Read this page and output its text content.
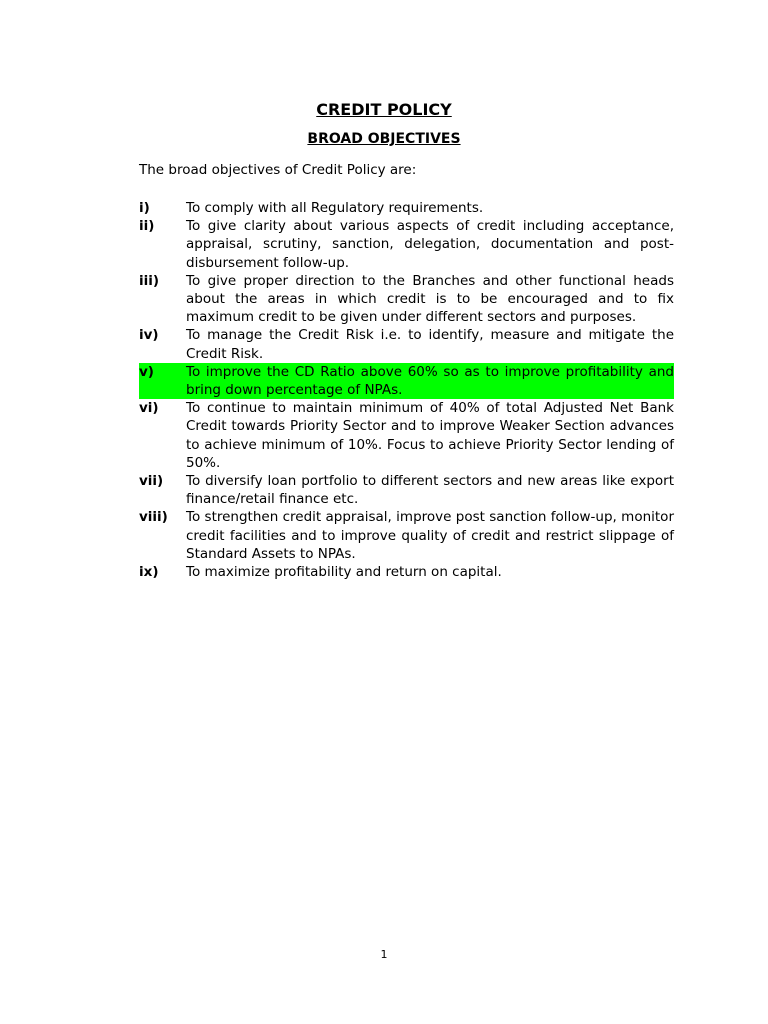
CREDIT POLICY
BROAD OBJECTIVES

The broad objectives of Credit Policy are:

i)	To comply with all Regulatory requirements.
ii)	To give clarity about various aspects of credit including acceptance, appraisal, scrutiny, sanction, delegation, documentation and post-disbursement follow-up.
iii)	To give proper direction to the Branches and other functional heads about the areas in which credit is to be encouraged and to fix maximum credit to be given under different sectors and purposes.
iv)	To manage the Credit Risk i.e. to identify, measure and mitigate the Credit Risk.
v)	To improve the CD Ratio above 60% so as to improve profitability and bring down percentage of NPAs.
vi)	To continue to maintain minimum of 40% of total Adjusted Net Bank Credit towards Priority Sector and to improve Weaker Section advances to achieve minimum of 10%. Focus to achieve Priority Sector lending of 50%.
vii)	To diversify loan portfolio to different sectors and new areas like export finance/retail finance etc.
viii)	To strengthen credit appraisal, improve post sanction follow-up, monitor credit facilities and to improve quality of credit and restrict slippage of Standard Assets to NPAs.
ix)	To maximize profitability and return on capital.
1
